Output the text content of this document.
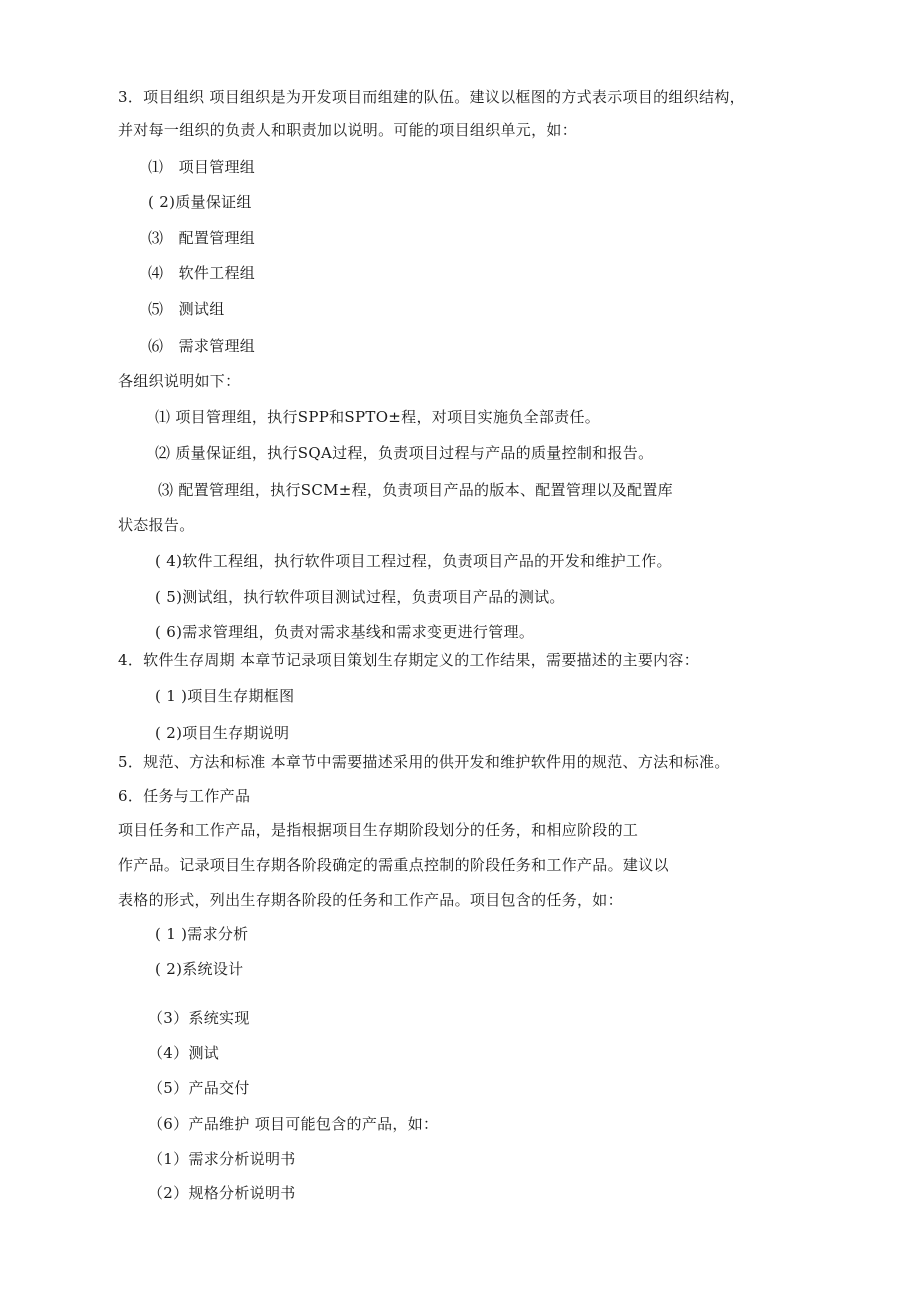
3．项目组织 项目组织是为开发项目而组建的队伍。建议以框图的方式表示项目的组织结构，
并对每一组织的负责人和职责加以说明。可能的项目组织单元，如：
⑴　项目管理组
( 2)质量保证组
⑶　配置管理组
⑷　软件工程组
⑸　测试组
⑹　需求管理组
各组织说明如下：
⑴ 项目管理组，执行SPP和SPTO±程，对项目实施负全部责任。
⑵ 质量保证组，执行SQA过程，负责项目过程与产品的质量控制和报告。
⑶ 配置管理组，执行SCM±程，负责项目产品的版本、配置管理以及配置库
状态报告。
( 4)软件工程组，执行软件项目工程过程，负责项目产品的开发和维护工作。
( 5)测试组，执行软件项目测试过程，负责项目产品的测试。
( 6)需求管理组，负责对需求基线和需求变更进行管理。
4．软件生存周期 本章节记录项目策划生存期定义的工作结果，需要描述的主要内容：
( 1 )项目生存期框图
( 2)项目生存期说明
5．规范、方法和标准 本章节中需要描述采用的供开发和维护软件用的规范、方法和标准。
6．任务与工作产品
项目任务和工作产品，是指根据项目生存期阶段划分的任务，和相应阶段的工
作产品。记录项目生存期各阶段确定的需重点控制的阶段任务和工作产品。建议以
表格的形式，列出生存期各阶段的任务和工作产品。项目包含的任务，如：
( 1 )需求分析
( 2)系统设计
（3）系统实现
（4）测试
（5）产品交付
（6）产品维护 项目可能包含的产品，如：
（1）需求分析说明书
（2）规格分析说明书
